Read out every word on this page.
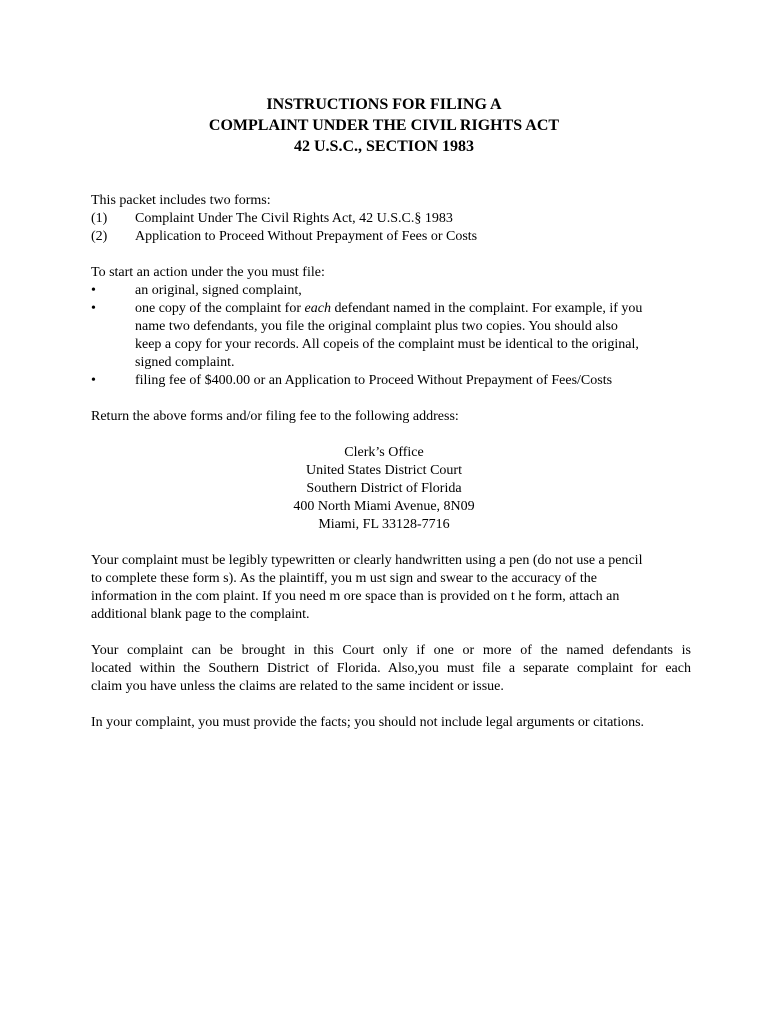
INSTRUCTIONS FOR FILING A
COMPLAINT UNDER THE CIVIL RIGHTS ACT
42 U.S.C., SECTION 1983
This packet includes two forms:
(1) Complaint Under The Civil Rights Act, 42 U.S.C.§ 1983
(2) Application to Proceed Without Prepayment of Fees or Costs
To start an action under the you must file:
•	an original, signed complaint,
•	one copy of the complaint for each defendant named in the complaint. For example, if you
name two defendants, you file the original complaint plus two copies. You should also
keep a copy for your records. All copeis of the complaint must be identical to the original,
signed complaint.
•	filing fee of $400.00 or an Application to Proceed Without Prepayment of Fees/Costs
Return the above forms and/or filing fee to the following address:
Clerk’s Office
United States District Court
Southern District of Florida
400 North Miami Avenue, 8N09
Miami, FL 33128-7716
Your complaint must be legibly typewritten or clearly handwritten using a pen (do not use a pencil
to complete these form s). As the plaintiff, you m ust sign and swear to the accuracy of the
information in the com plaint. If you need m ore space than is provided on t he form, attach an
additional blank page to the complaint.
Your complaint can be brought in this Court only if one or more of the named defendants is
located within the Southern District of Florida. Also,you must file a separate complaint for each
claim you have unless the claims are related to the same incident or issue.
In your complaint, you must provide the facts; you should not include legal arguments or citations.
